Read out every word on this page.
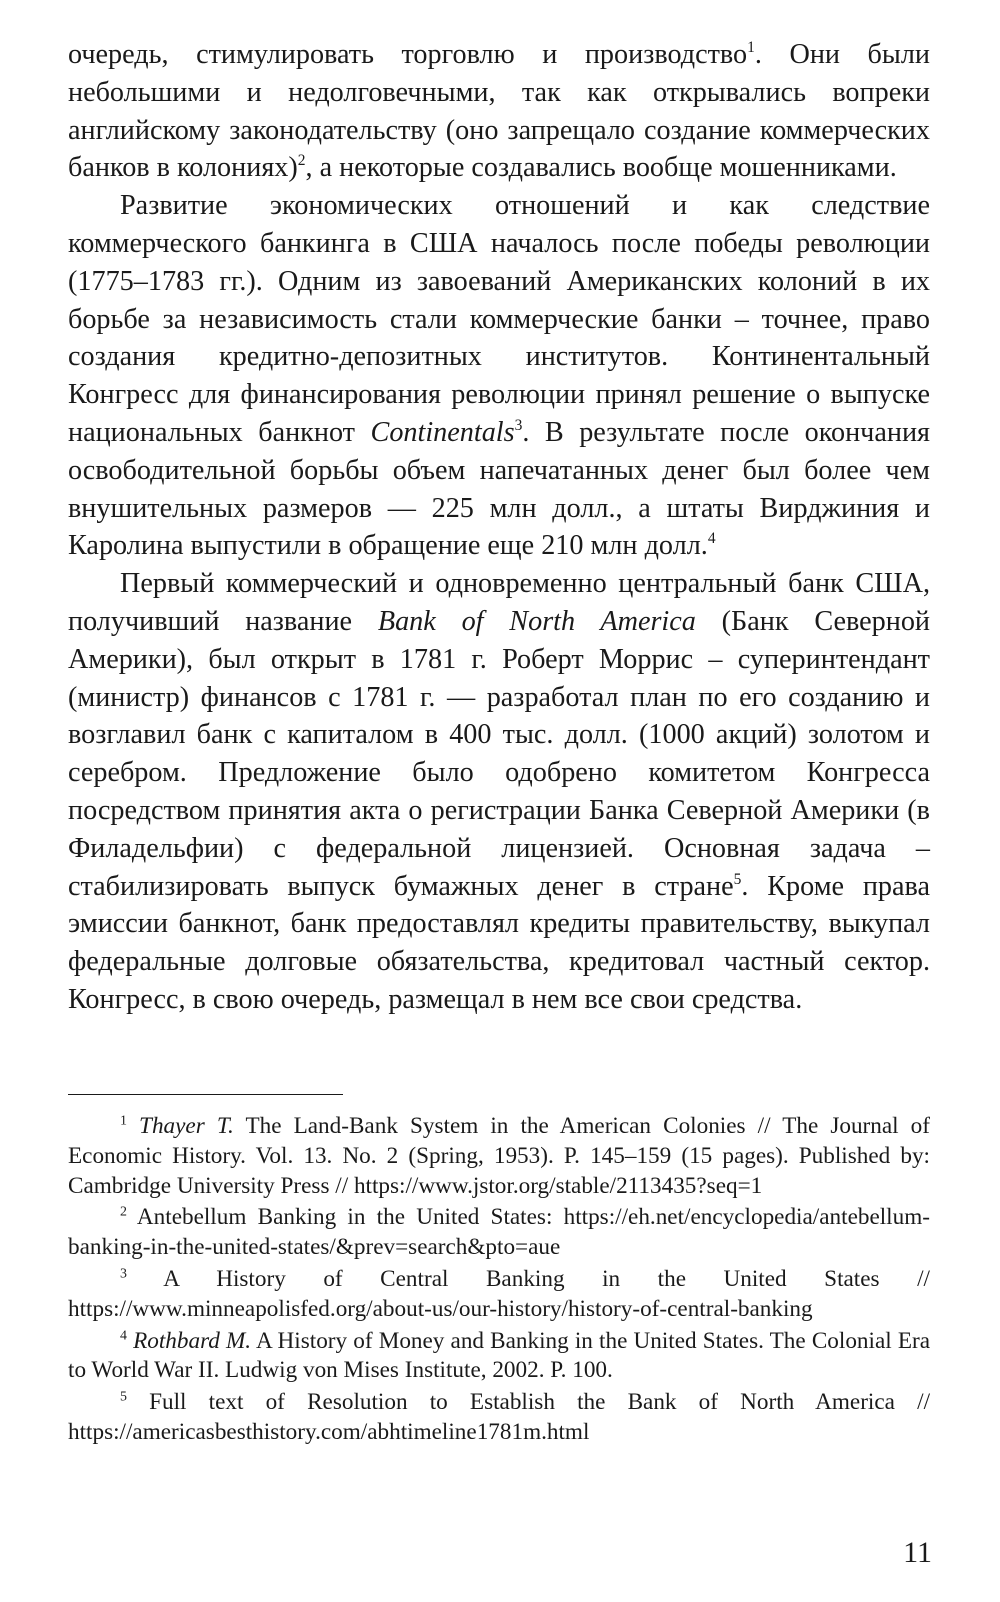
очередь, стимулировать торговлю и производство$^1$. Они были небольшими и недолговечными, так как открывались вопреки английскому законодательству (оно запрещало создание коммерческих банков в колониях)$^2$, а некоторые создавались вообще мошенниками.

Развитие экономических отношений и как следствие коммерческого банкинга в США началось после победы революции (1775–1783 гг.). Одним из завоеваний Американских колоний в их борьбе за независимость стали коммерческие банки – точнее, право создания кредитно-депозитных институтов. Континентальный Конгресс для финансирования революции принял решение о выпуске национальных банкнот Continentals$^3$. В результате после окончания освободительной борьбы объем напечатанных денег был более чем внушительных размеров — 225 млн долл., а штаты Вирджиния и Каролина выпустили в обращение еще 210 млн долл.$^4$

Первый коммерческий и одновременно центральный банк США, получивший название Bank of North America (Банк Северной Америки), был открыт в 1781 г. Роберт Моррис – суперинтендант (министр) финансов с 1781 г. — разработал план по его созданию и возглавил банк с капиталом в 400 тыс. долл. (1000 акций) золотом и серебром. Предложение было одобрено комитетом Конгресса посредством принятия акта о регистрации Банка Северной Америки (в Филадельфии) с федеральной лицензией. Основная задача – стабилизировать выпуск бумажных денег в стране$^5$. Кроме права эмиссии банкнот, банк предоставлял кредиты правительству, выкупал федеральные долговые обязательства, кредитовал частный сектор. Конгресс, в свою очередь, размещал в нем все свои средства.

$^1$ Thayer T. The Land-Bank System in the American Colonies // The Journal of Economic History. Vol. 13. No. 2 (Spring, 1953). P. 145–159 (15 pages). Published by: Cambridge University Press // https://www.jstor.org/stable/2113435?seq=1

$^2$ Antebellum Banking in the United States: https://eh.net/encyclopedia/antebellum-banking-in-the-united-states/&prev=search&pto=aue

$^3$ A History of Central Banking in the United States // https://www.minneapolisfed.org/about-us/our-history/history-of-central-banking

$^4$ Rothbard M. A History of Money and Banking in the United States. The Colonial Era to World War II. Ludwig von Mises Institute, 2002. P. 100.

$^5$ Full text of Resolution to Establish the Bank of North America // https://americasbesthistory.com/abhtimeline1781m.html

11
